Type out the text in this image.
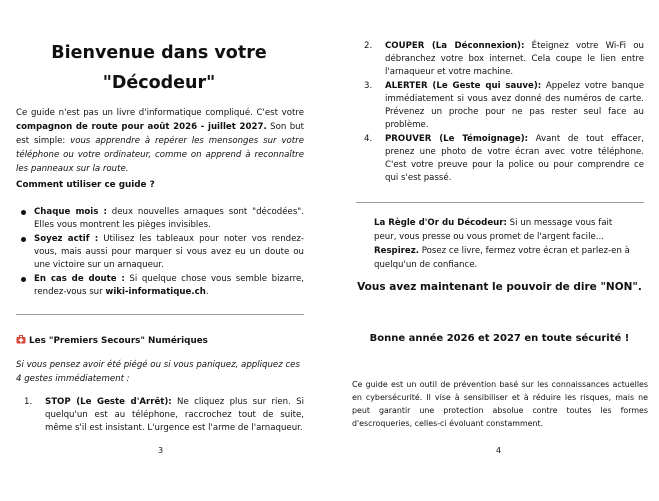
Bienvenue dans votre
"Décodeur"

Ce guide n'est pas un livre d'informatique compliqué. C'est votre compagnon de route pour août 2026 - juillet 2027. Son but est simple: vous apprendre à repérer les mensonges sur votre téléphone ou votre ordinateur, comme on apprend à reconnaître les panneaux sur la route.

Comment utiliser ce guide ?

Chaque mois : deux nouvelles arnaques sont "décodées". Elles vous montrent les pièges invisibles.
Soyez actif : Utilisez les tableaux pour noter vos rendez-vous, mais aussi pour marquer si vous avez eu un doute ou une victoire sur un arnaqueur.
En cas de doute : Si quelque chose vous semble bizarre, rendez-vous sur wiki-informatique.ch.

Les "Premiers Secours" Numériques

Si vous pensez avoir été piégé ou si vous paniquez, appliquez ces 4 gestes immédiatement :

1. STOP (Le Geste d'Arrêt): Ne cliquez plus sur rien. Si quelqu'un est au téléphone, raccrochez tout de suite, même s'il est insistant. L'urgence est l'arme de l'arnaqueur.
3
2. COUPER (La Déconnexion): Éteignez votre Wi-Fi ou débranchez votre box internet. Cela coupe le lien entre l'arnaqueur et votre machine.
3. ALERTER (Le Geste qui sauve): Appelez votre banque immédiatement si vous avez donné des numéros de carte. Prévenez un proche pour ne pas rester seul face au problème.
4. PROUVER (Le Témoignage): Avant de tout effacer, prenez une photo de votre écran avec votre téléphone. C'est votre preuve pour la police ou pour comprendre ce qui s'est passé.

La Règle d'Or du Décodeur: Si un message vous fait peur, vous presse ou vous promet de l'argent facile...
Respirez. Posez ce livre, fermez votre écran et parlez-en à quelqu'un de confiance.

Vous avez maintenant le pouvoir de dire "NON".

Bonne année 2026 et 2027 en toute sécurité !

Ce guide est un outil de prévention basé sur les connaissances actuelles en cybersécurité. Il vise à sensibiliser et à réduire les risques, mais ne peut garantir une protection absolue contre toutes les formes d'escroqueries, celles-ci évoluant constamment.

4
